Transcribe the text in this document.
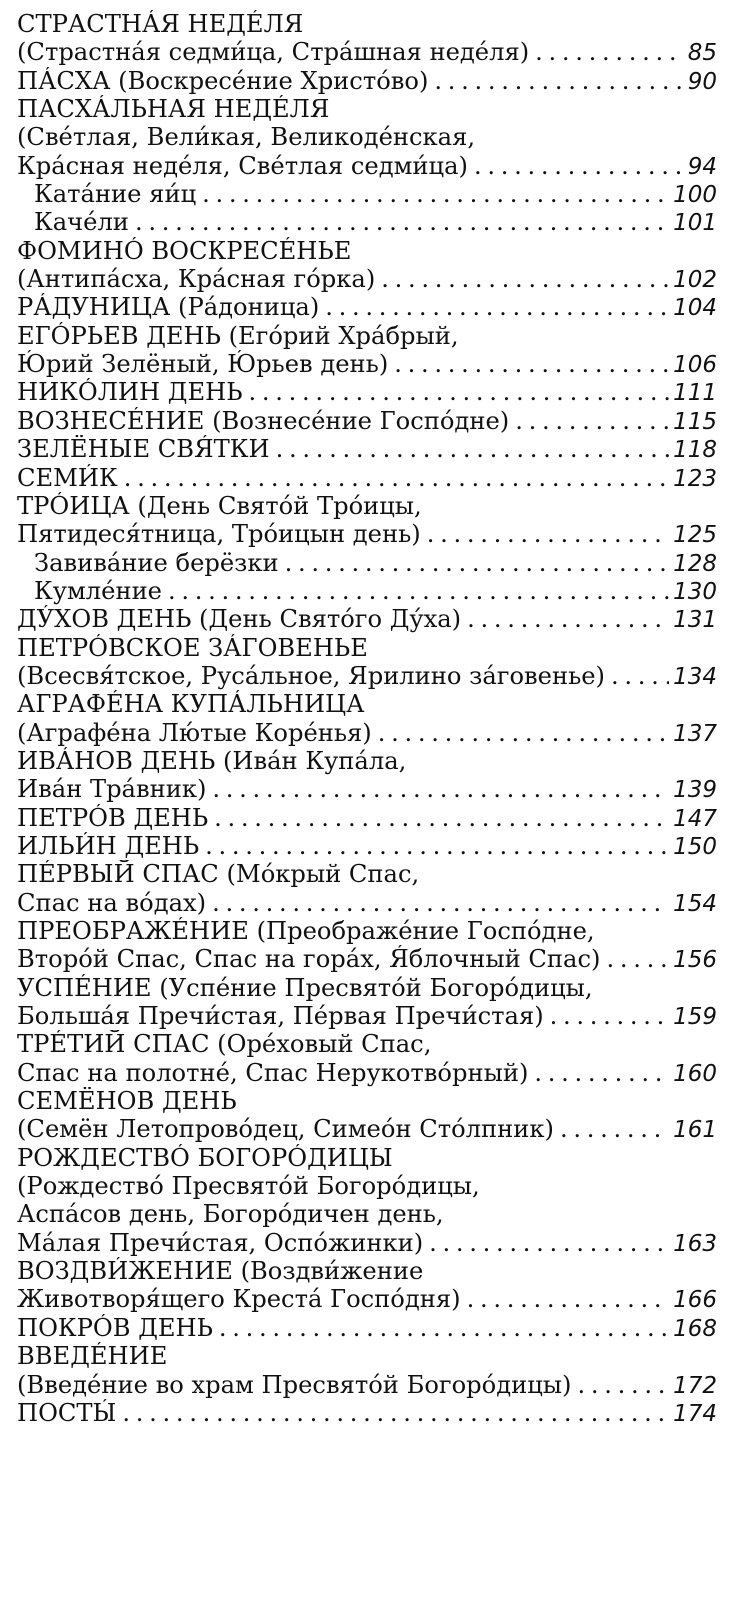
СТРАСТНА́Я НЕДЕ́ЛЯ
(Страстна́я седми́ца, Стра́шная неде́ля) . . .	85
ПА́СХА (Воскресе́ние Христо́во) . . .	90
ПАСХА́ЛЬНАЯ НЕДЕ́ЛЯ
(Све́тлая, Вели́кая, Великоде́нская,
Кра́сная неде́ля, Све́тлая седми́ца) . . .	94
Ката́ние яи́ц . . .	100
Каче́ли . . .	101
ФОМИНО́ ВОСКРЕСЕ́НЬЕ
(Антипа́сха, Кра́сная го́рка) . . .	102
РА́ДУНИЦА (Ра́доница) . . .	104
ЕГО́РЬЕВ ДЕНЬ (Его́рий Хра́брый,
Ю́рий Зелёный, Ю́рьев день) . . .	106
НИКО́ЛИН ДЕНЬ . . .	111
ВОЗНЕСЕ́НИЕ (Вознесе́ние Госпо́дне) . . .	115
ЗЕЛЁНЫЕ СВЯ́ТКИ . . .	118
СЕМИ́К . . .	123
ТРО́ИЦА (День Свято́й Тро́ицы,
Пятидеся́тница, Тро́ицын день) . . .	125
Завива́ние берёзки . . .	128
Кумле́ние . . .	130
ДУ́ХОВ ДЕНЬ (День Свято́го Ду́ха) . . .	131
ПЕТРО́ВСКОЕ ЗА́ГОВЕНЬЕ
(Всесвя́тское, Руса́льное, Ярилино за́говенье) . . .	134
АГРАФЕ́НА КУПА́ЛЬНИЦА
(Аграфе́на Лю́тые Коре́нья) . . .	137
ИВА́НОВ ДЕНЬ (Ива́н Купа́ла,
Ива́н Тра́вник) . . .	139
ПЕТРО́В ДЕНЬ . . .	147
ИЛЬИ́Н ДЕНЬ . . .	150
ПЕ́РВЫЙ СПАС (Мо́крый Спас,
Спас на во́дах) . . .	154
ПРЕОБРАЖЕ́НИЕ (Преображе́ние Госпо́дне,
Второ́й Спас, Спас на гора́х, Я́блочный Спас) . . .	156
УСПЕ́НИЕ (Успе́ние Пресвято́й Богоро́дицы,
Больша́я Пречи́стая, Пе́рвая Пречи́стая) . . .	159
ТРЕ́ТИЙ СПАС (Оре́ховый Спас,
Спас на полотне́, Спас Нерукотво́рный) . . .	160
СЕМЁНОВ ДЕНЬ
(Семён Летопрово́дец, Симео́н Сто́лпник) . . .	161
РОЖДЕСТВО́ БОГОРО́ДИЦЫ
(Рождество́ Пресвято́й Богоро́дицы,
Аспа́сов день, Богоро́дичен день,
Ма́лая Пречи́стая, Оспо́жинки) . . .	163
ВОЗДВИ́ЖЕНИЕ (Воздви́жение
Животворя́щего Креста́ Госпо́дня) . . .	166
ПОКРО́В ДЕНЬ . . .	168
ВВЕДЕ́НИЕ
(Введе́ние во храм Пресвято́й Богоро́дицы) . . .	172
ПОСТЫ́ . . .	174
